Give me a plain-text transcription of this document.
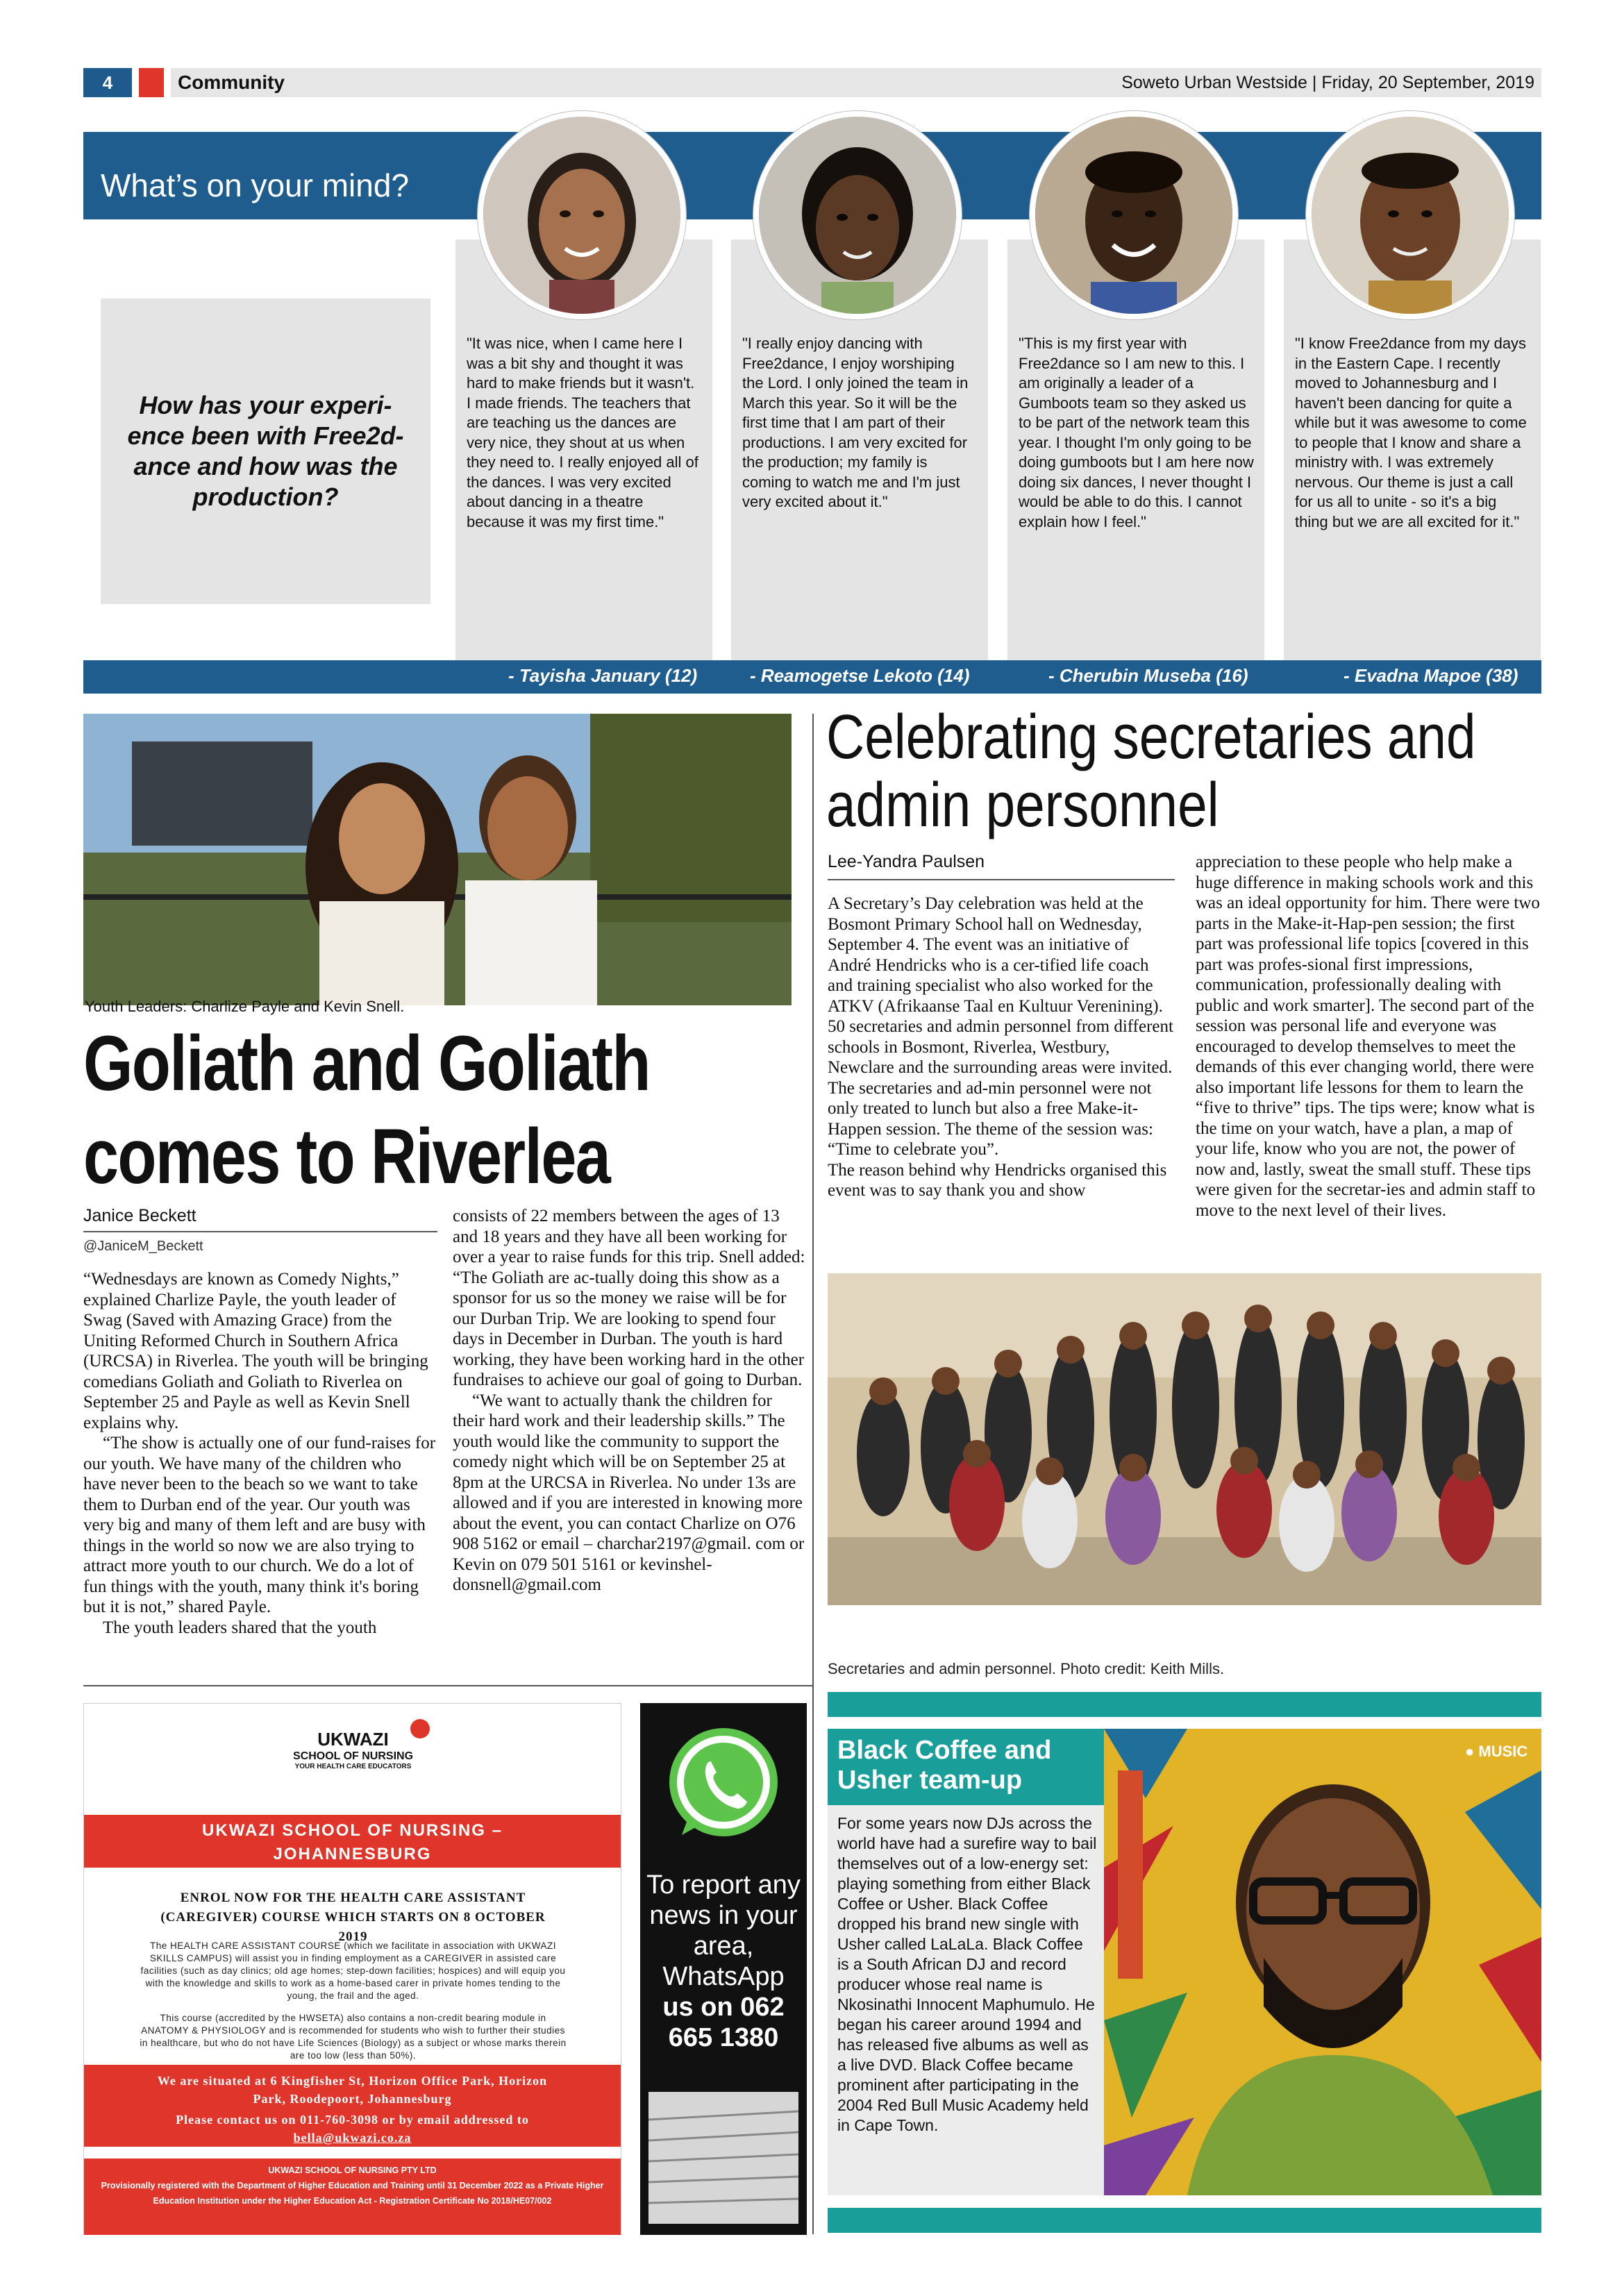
4	Community	Soweto Urban Westside | Friday, 20 September, 2019
What’s on your mind?
How has your experi-ence been with Free2d-ance and how was the production?
"It was nice, when I came here I was a bit shy and thought it was hard to make friends but it wasn't. I made friends. The teachers that are teaching us the dances are very nice, they shout at us when they need to. I really enjoyed all of the dances. I was very excited about dancing in a theatre because it was my first time."
"I really enjoy dancing with Free2dance, I enjoy worshiping the Lord. I only joined the team in March this year. So it will be the first time that I am part of their productions. I am very excited for the production; my family is coming to watch me and I'm just very excited about it."
"This is my first year with Free2dance so I am new to this. I am originally a leader of a Gumboots team so they asked us to be part of the network team this year. I thought I'm only going to be doing gumboots but I am here now doing six dances, I never thought I would be able to do this. I cannot explain how I feel."
"I know Free2dance from my days in the Eastern Cape. I recently moved to Johannesburg and I haven't been dancing for quite a while but it was awesome to come to people that I know and share a ministry with. I was extremely nervous. Our theme is just a call for us all to unite - so it's a big thing but we are all excited for it."
- Tayisha January (12)	- Reamogetse Lekoto (14)	- Cherubin Museba (16)	- Evadna Mapoe (38)
Youth Leaders: Charlize Payle and Kevin Snell.
Goliath and Goliath
comes to Riverlea
Janice Beckett
@JaniceM_Beckett

“Wednesdays are known as Comedy Nights,” explained Charlize Payle, the youth leader of Swag (Saved with Amazing Grace) from the Uniting Reformed Church in Southern Africa (URCSA) in Riverlea. The youth will be bringing comedians Goliath and Goliath to Riverlea on September 25 and Payle as well as Kevin Snell explains why.

“The show is actually one of our fund-raises for our youth. We have many of the children who have never been to the beach so we want to take them to Durban end of the year. Our youth was very big and many of them left and are busy with things in the world so now we are also trying to attract more youth to our church. We do a lot of fun things with the youth, many think it's boring but it is not,” shared Payle.

The youth leaders shared that the youth

consists of 22 members between the ages of 13 and 18 years and they have all been working for over a year to raise funds for this trip. Snell added: “The Goliath are ac-tually doing this show as a sponsor for us so the money we raise will be for our Durban Trip. We are looking to spend four days in December in Durban. The youth is hard working, they have been working hard in the other fundraises to achieve our goal of going to Durban.

“We want to actually thank the children for their hard work and their leadership skills.” The youth would like the community to support the comedy night which will be on September 25 at 8pm at the URCSA in Riverlea. No under 13s are allowed and if you are interested in knowing more about the event, you can contact Charlize on O76 908 5162 or email – charchar2197@gmail. com or Kevin on 079 501 5161 or kevinshel-donsnell@gmail.com

Celebrating secretaries and
admin personnel
Lee-Yandra Paulsen

A Secretary’s Day celebration was held at the Bosmont Primary School hall on Wednesday, September 4. The event was an initiative of André Hendricks who is a cer-tified life coach and training specialist who also worked for the ATKV (Afrikaanse Taal en Kultuur Verenining).

50 secretaries and admin personnel from different schools in Bosmont, Riverlea, Westbury, Newclare and the surrounding areas were invited. The secretaries and ad-min personnel were not only treated to lunch but also a free Make-it-Happen session. The theme of the session was: “Time to celebrate you”.

The reason behind why Hendricks organised this event was to say thank you and show

appreciation to these people who help make a huge difference in making schools work and this was an ideal opportunity for him. There were two parts in the Make-it-Hap-pen session; the first part was professional life topics [covered in this part was profes-sional first impressions, communication, professionally dealing with public and work smarter]. The second part of the session was personal life and everyone was encouraged to develop themselves to meet the demands of this ever changing world, there were also important life lessons for them to learn the “five to thrive” tips. The tips were; know what is the time on your watch, have a plan, a map of your life, know who you are not, the power of now and, lastly, sweat the small stuff. These tips were given for the secretar-ies and admin staff to move to the next level of their lives.

Secretaries and admin personnel. Photo credit: Keith Mills.
UKWAZI
SCHOOL OF NURSING
YOUR HEALTH CARE EDUCATORS
UKWAZI SCHOOL OF NURSING – JOHANNESBURG
ENROL NOW FOR THE HEALTH CARE ASSISTANT (CAREGIVER) COURSE WHICH STARTS ON 8 OCTOBER 2019
The HEALTH CARE ASSISTANT COURSE (which we facilitate in association with UKWAZI SKILLS CAMPUS) will assist you in finding employment as a CAREGIVER in assisted care facilities (such as day clinics; old age homes; step-down facilities; hospices) and will equip you with the knowledge and skills to work as a home-based carer in private homes tending to the young, the frail and the aged.
This course (accredited by the HWSETA) also contains a non-credit bearing module in ANATOMY & PHYSIOLOGY and is recommended for students who wish to further their studies in healthcare, but who do not have Life Sciences (Biology) as a subject or whose marks therein are too low (less than 50%).
We are situated at 6 Kingfisher St, Horizon Office Park, Horizon Park, Roodepoort, Johannesburg
Please contact us on 011-760-3098 or by email addressed to bella@ukwazi.co.za
UKWAZI SCHOOL OF NURSING PTY LTD
Provisionally registered with the Department of Higher Education and Training until 31 December 2022 as a Private Higher Education Institution under the Higher Education Act - Registration Certificate No 2018/HE07/002
To report any news in your area, WhatsApp
us on 062 665 1380
Black Coffee and Usher team-up
For some years now DJs across the world have had a surefire way to bail themselves out of a low-energy set: playing something from either Black Coffee or Usher. Black Coffee dropped his brand new single with Usher called LaLaLa. Black Coffee is a South African DJ and record producer whose real name is Nkosinathi Innocent Maphumulo. He began his career around 1994 and has released five albums as well as a live DVD. Black Coffee became prominent after participating in the 2004 Red Bull Music Academy held in Cape Town.
● MUSIC
